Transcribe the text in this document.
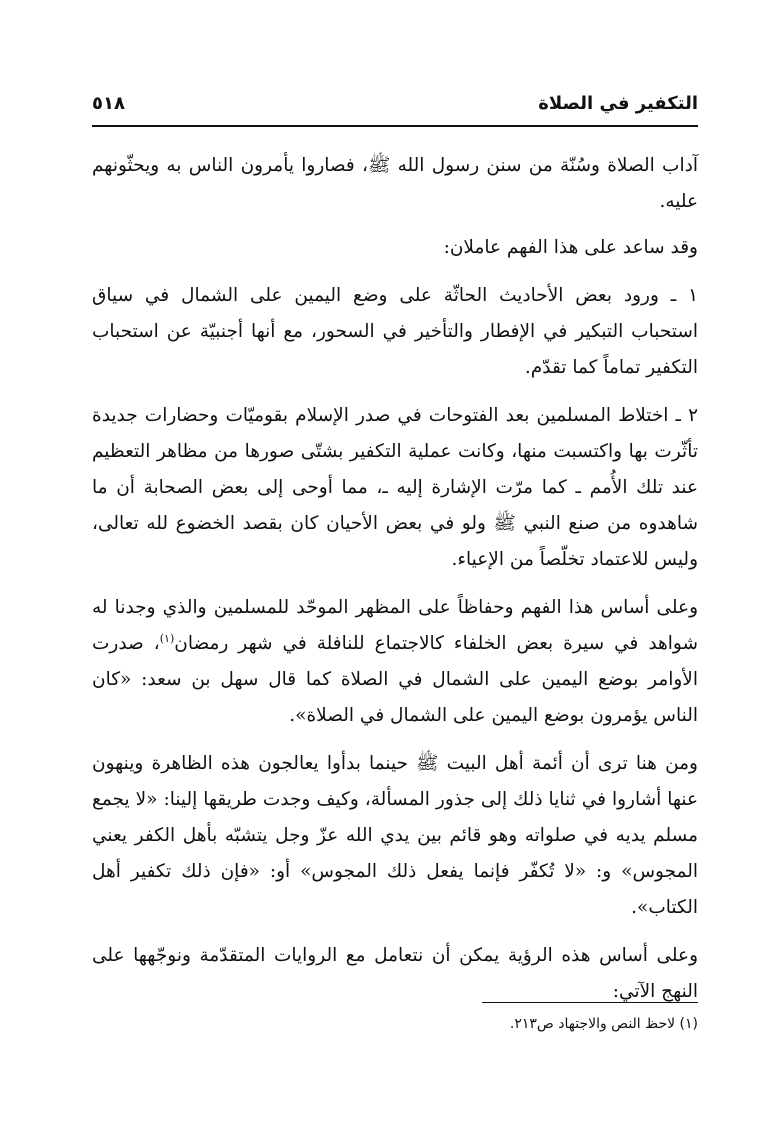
التكفير في الصلاة
٥١٨

آداب الصلاة وسُنّة من سنن رسول الله ﷺ، فصاروا يأمرون الناس به ويحثّونهم عليه.

وقد ساعد على هذا الفهم عاملان:

١ ـ ورود بعض الأحاديث الحاثّة على وضع اليمين على الشمال في سياق استحباب التبكير في الإفطار والتأخير في السحور، مع أنها أجنبيّة عن استحباب التكفير تماماً كما تقدّم.

٢ ـ اختلاط المسلمين بعد الفتوحات في صدر الإسلام بقوميّات وحضارات جديدة تأثّرت بها واكتسبت منها، وكانت عملية التكفير بشتّى صورها من مظاهر التعظيم عند تلك الأُمم ـ كما مرّت الإشارة إليه ـ، مما أوحى إلى بعض الصحابة أن ما شاهدوه من صنع النبي ﷺ ولو في بعض الأحيان كان بقصد الخضوع لله تعالى، وليس للاعتماد تخلّصاً من الإعياء.

وعلى أساس هذا الفهم وحفاظاً على المظهر الموحّد للمسلمين والذي وجدنا له شواهد في سيرة بعض الخلفاء كالاجتماع للنافلة في شهر رمضان$^{(١)}$، صدرت الأوامر بوضع اليمين على الشمال في الصلاة كما قال سهل بن سعد: «كان الناس يؤمرون بوضع اليمين على الشمال في الصلاة».

ومن هنا ترى أن أئمة أهل البيت ﷺ حينما بدأوا يعالجون هذه الظاهرة وينهون عنها أشاروا في ثنايا ذلك إلى جذور المسألة، وكيف وجدت طريقها إلينا: «لا يجمع مسلم يديه في صلواته وهو قائم بين يدي الله عزّ وجل يتشبّه بأهل الكفر يعني المجوس» و: «لا تُكفّر فإنما يفعل ذلك المجوس» أو: «فإن ذلك تكفير أهل الكتاب».

وعلى أساس هذه الرؤية يمكن أن نتعامل مع الروايات المتقدّمة ونوجّهها على النهج الآتي:

(١) لاحظ النص والاجتهاد ص٢١٣.
